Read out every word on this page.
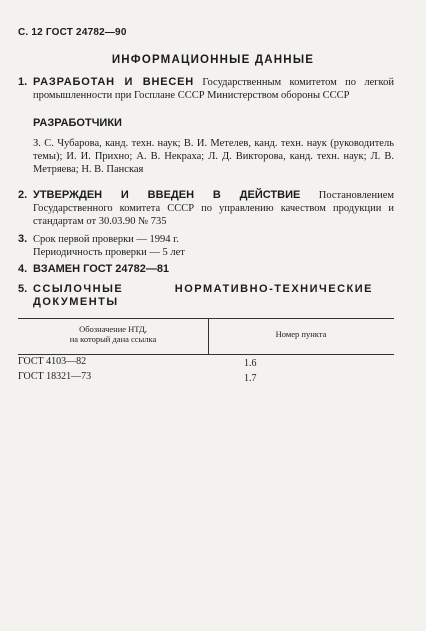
С. 12 ГОСТ 24782—90
ИНФОРМАЦИОННЫЕ ДАННЫЕ
1. РАЗРАБОТАН И ВНЕСЕН Государственным комитетом по легкой промышленности при Госплане СССР Министерством обороны СССР
РАЗРАБОТЧИКИ
З. С. Чубарова, канд. техн. наук; В. И. Метелев, канд. техн. наук (руководитель темы); И. И. Прихно; А. В. Некраха; Л. Д. Викторова, канд. техн. наук; Л. В. Метряева; Н. В. Панская
2. УТВЕРЖДЕН И ВВЕДЕН В ДЕЙСТВИЕ Постановлением Государственного комитета СССР по управлению качеством продукции и стандартам от 30.03.90 № 735
3. Срок первой проверки — 1994 г.
Периодичность проверки — 5 лет
4. ВЗАМЕН ГОСТ 24782—81
5. ССЫЛОЧНЫЕ НОРМАТИВНО-ТЕХНИЧЕСКИЕ ДОКУМЕНТЫ
Обозначение НТД,
на который дана ссылка	Номер пункта
ГОСТ 4103—82	1.6
ГОСТ 18321—73	1.7
